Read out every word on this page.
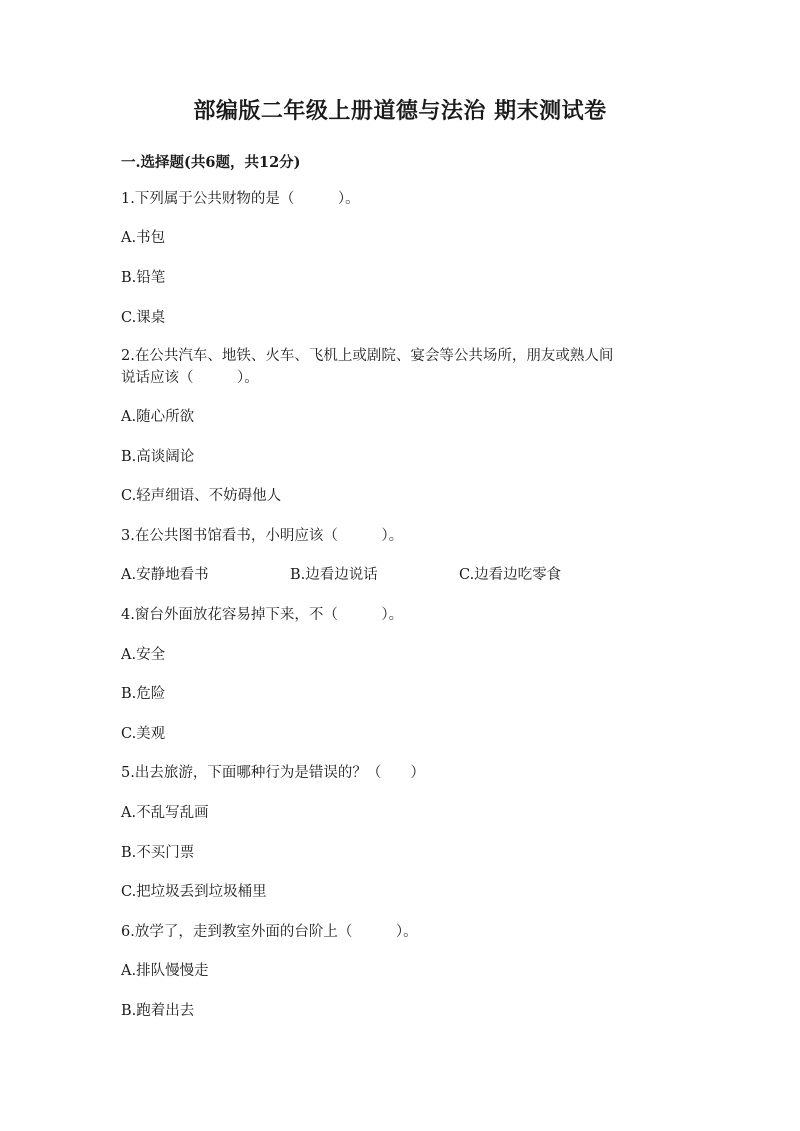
部编版二年级上册道德与法治 期末测试卷
一.选择题(共6题，共12分)
1.下列属于公共财物的是（　　　）。
A.书包
B.铅笔
C.课桌
2.在公共汽车、地铁、火车、飞机上或剧院、宴会等公共场所，朋友或熟人间
说话应该（　　　）。
A.随心所欲
B.高谈阔论
C.轻声细语、不妨碍他人
3.在公共图书馆看书，小明应该（　　　）。
A.安静地看书	B.边看边说话	C.边看边吃零食
4.窗台外面放花容易掉下来，不（　　　）。
A.安全
B.危险
C.美观
5.出去旅游，下面哪种行为是错误的？（　　）
A.不乱写乱画
B.不买门票
C.把垃圾丢到垃圾桶里
6.放学了，走到教室外面的台阶上（　　　）。
A.排队慢慢走
B.跑着出去
